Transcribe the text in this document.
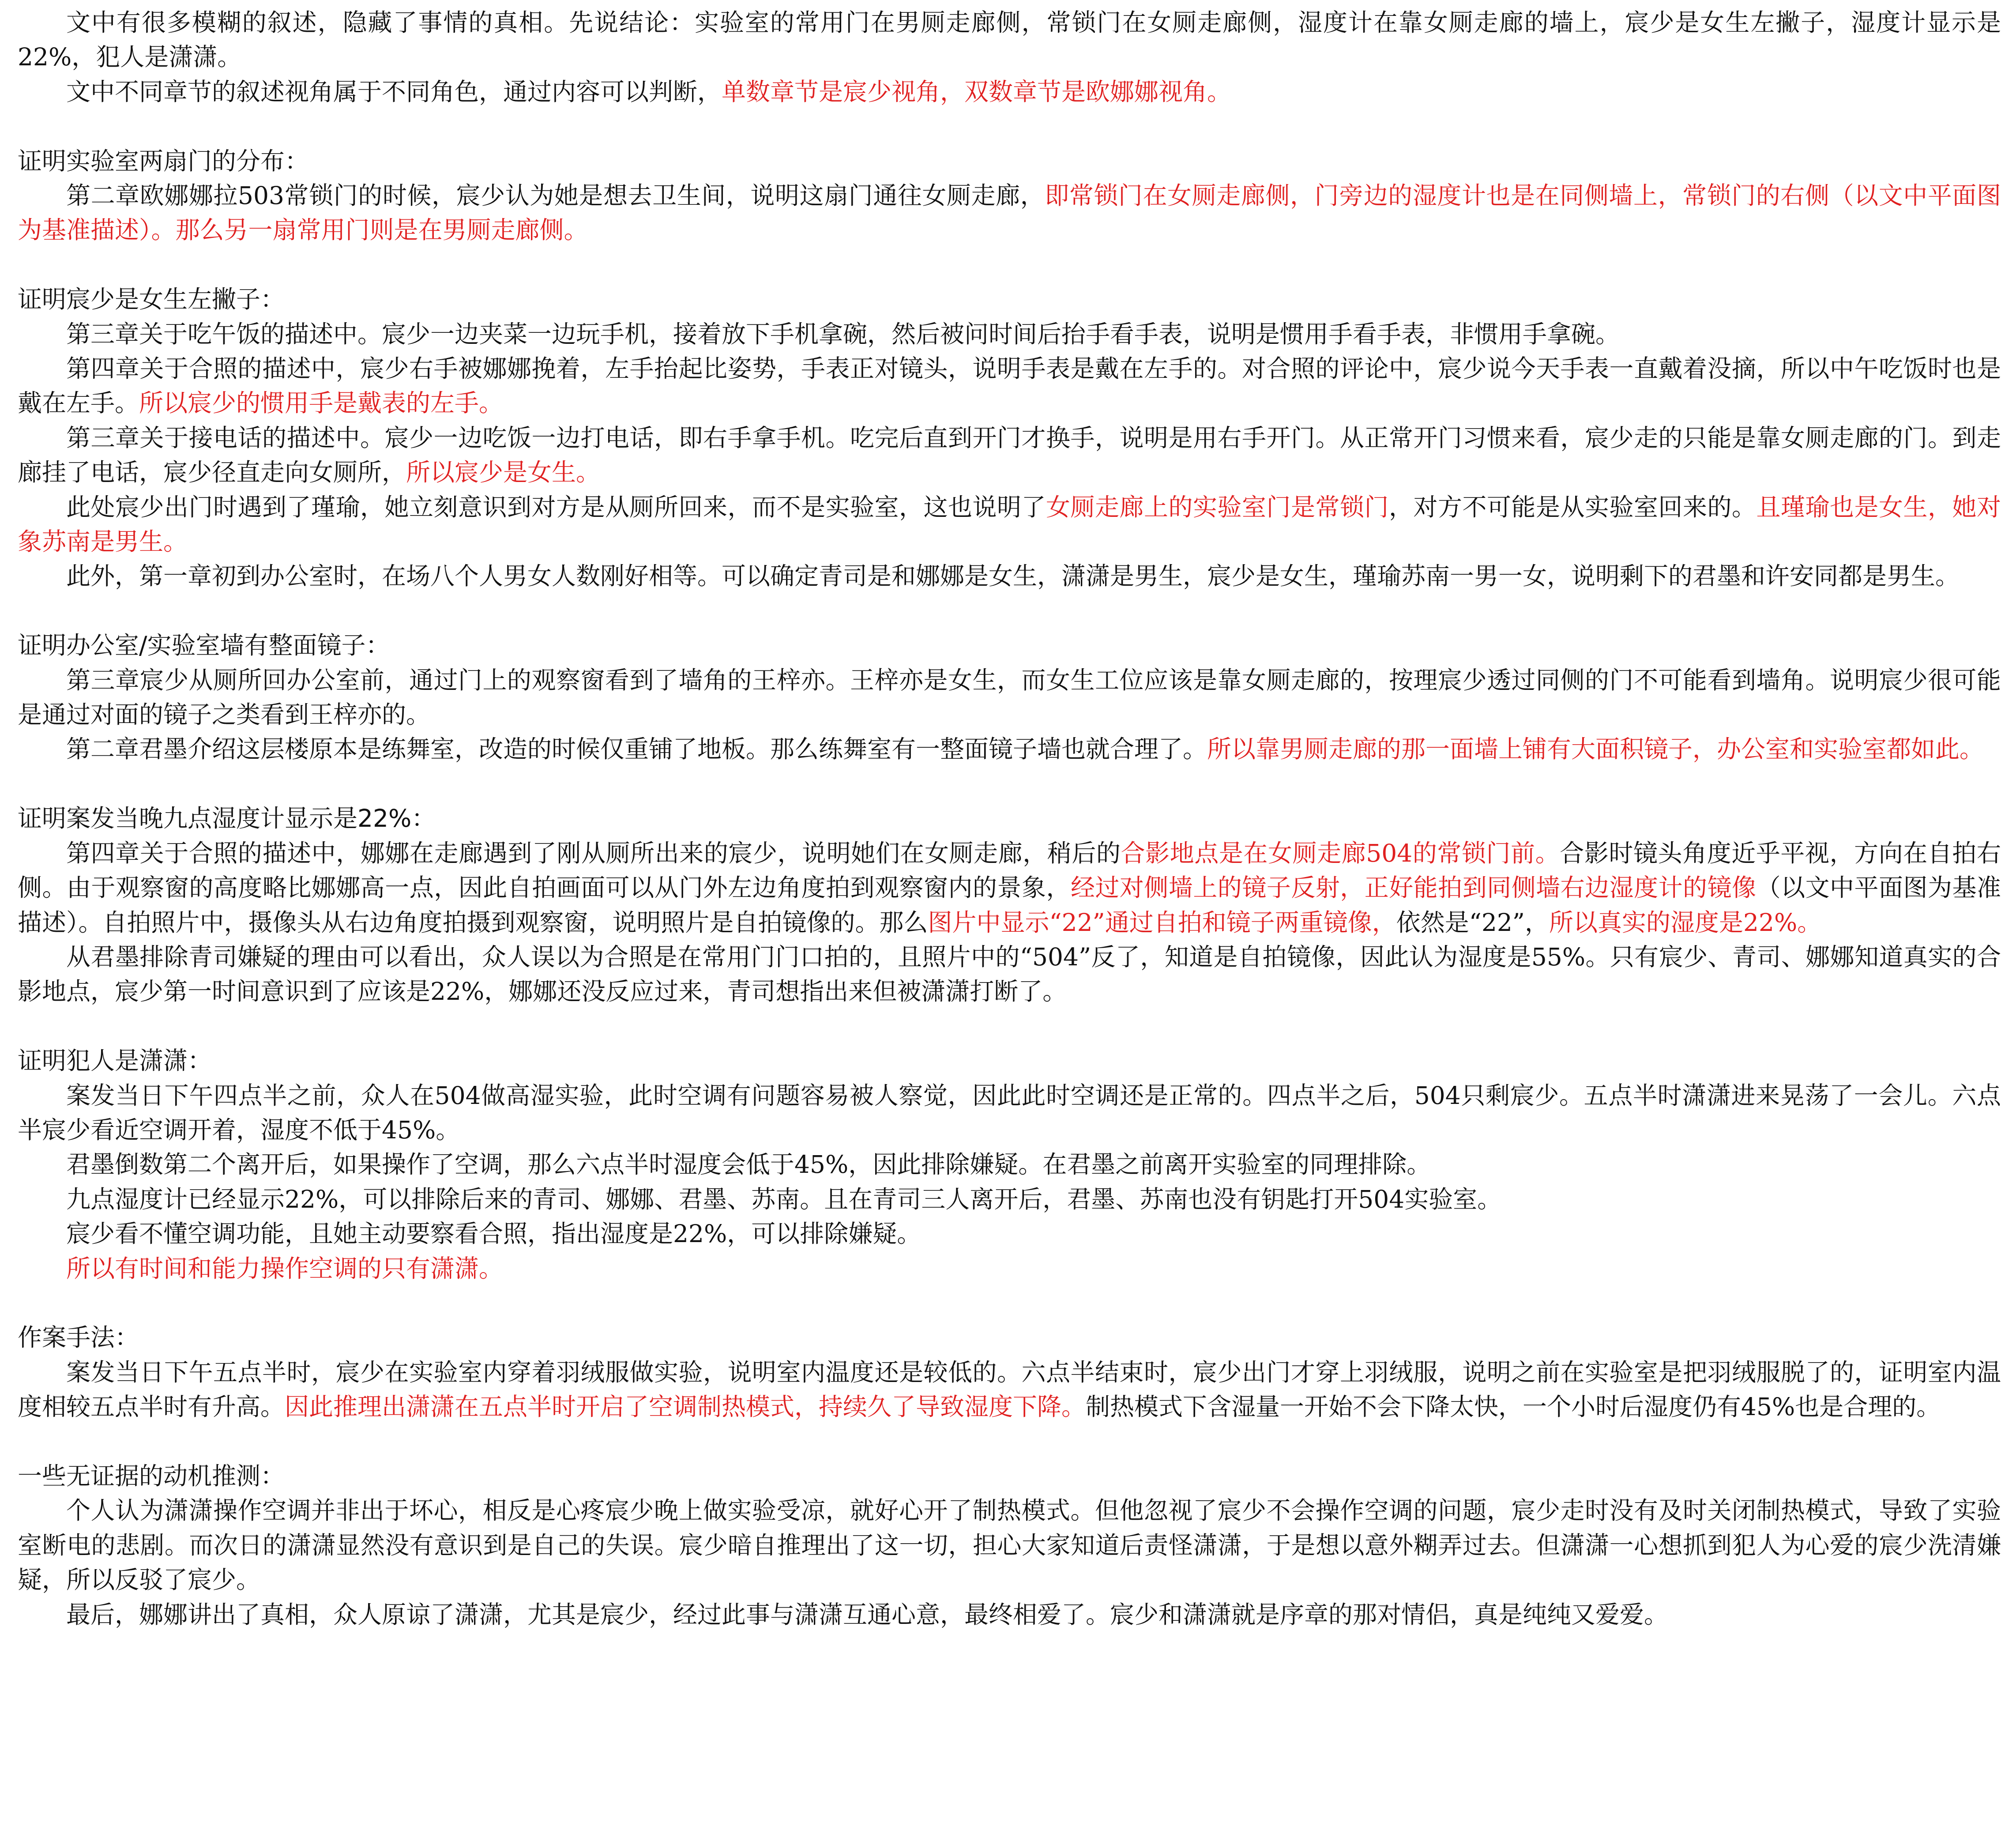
文中有很多模糊的叙述，隐藏了事情的真相。先说结论：实验室的常用门在男厕走廊侧，常锁门在女厕走廊侧，湿度计在靠女厕走廊的墙上，宸少是女生左撇子，湿度计显示是22%，犯人是潇潇。

文中不同章节的叙述视角属于不同角色，通过内容可以判断，单数章节是宸少视角，双数章节是欧娜娜视角。

证明实验室两扇门的分布：

第二章欧娜娜拉503常锁门的时候，宸少认为她是想去卫生间，说明这扇门通往女厕走廊，即常锁门在女厕走廊侧，门旁边的湿度计也是在同侧墙上，常锁门的右侧（以文中平面图为基准描述）。那么另一扇常用门则是在男厕走廊侧。

证明宸少是女生左撇子：

第三章关于吃午饭的描述中。宸少一边夹菜一边玩手机，接着放下手机拿碗，然后被问时间后抬手看手表，说明是惯用手看手表，非惯用手拿碗。

第四章关于合照的描述中，宸少右手被娜娜挽着，左手抬起比姿势，手表正对镜头，说明手表是戴在左手的。对合照的评论中，宸少说今天手表一直戴着没摘，所以中午吃饭时也是戴在左手。所以宸少的惯用手是戴表的左手。

第三章关于接电话的描述中。宸少一边吃饭一边打电话，即右手拿手机。吃完后直到开门才换手，说明是用右手开门。从正常开门习惯来看，宸少走的只能是靠女厕走廊的门。到走廊挂了电话，宸少径直走向女厕所，所以宸少是女生。

此处宸少出门时遇到了瑾瑜，她立刻意识到对方是从厕所回来，而不是实验室，这也说明了女厕走廊上的实验室门是常锁门，对方不可能是从实验室回来的。且瑾瑜也是女生，她对象苏南是男生。

此外，第一章初到办公室时，在场八个人男女人数刚好相等。可以确定青司是和娜娜是女生，潇潇是男生，宸少是女生，瑾瑜苏南一男一女，说明剩下的君墨和许安同都是男生。

证明办公室/实验室墙有整面镜子：

第三章宸少从厕所回办公室前，通过门上的观察窗看到了墙角的王梓亦。王梓亦是女生，而女生工位应该是靠女厕走廊的，按理宸少透过同侧的门不可能看到墙角。说明宸少很可能是通过对面的镜子之类看到王梓亦的。

第二章君墨介绍这层楼原本是练舞室，改造的时候仅重铺了地板。那么练舞室有一整面镜子墙也就合理了。所以靠男厕走廊的那一面墙上铺有大面积镜子，办公室和实验室都如此。

证明案发当晚九点湿度计显示是22%：

第四章关于合照的描述中，娜娜在走廊遇到了刚从厕所出来的宸少，说明她们在女厕走廊，稍后的合影地点是在女厕走廊504的常锁门前。合影时镜头角度近乎平视，方向在自拍右侧。由于观察窗的高度略比娜娜高一点，因此自拍画面可以从门外左边角度拍到观察窗内的景象，经过对侧墙上的镜子反射，正好能拍到同侧墙右边湿度计的镜像（以文中平面图为基准描述）。自拍照片中，摄像头从右边角度拍摄到观察窗，说明照片是自拍镜像的。那么图片中显示“22”通过自拍和镜子两重镜像，依然是“22”，所以真实的湿度是22%。

从君墨排除青司嫌疑的理由可以看出，众人误以为合照是在常用门门口拍的，且照片中的“504”反了，知道是自拍镜像，因此认为湿度是55%。只有宸少、青司、娜娜知道真实的合影地点，宸少第一时间意识到了应该是22%，娜娜还没反应过来，青司想指出来但被潇潇打断了。

证明犯人是潇潇：

案发当日下午四点半之前，众人在504做高湿实验，此时空调有问题容易被人察觉，因此此时空调还是正常的。四点半之后，504只剩宸少。五点半时潇潇进来晃荡了一会儿。六点半宸少看近空调开着，湿度不低于45%。

君墨倒数第二个离开后，如果操作了空调，那么六点半时湿度会低于45%，因此排除嫌疑。在君墨之前离开实验室的同理排除。

九点湿度计已经显示22%，可以排除后来的青司、娜娜、君墨、苏南。且在青司三人离开后，君墨、苏南也没有钥匙打开504实验室。

宸少看不懂空调功能，且她主动要察看合照，指出湿度是22%，可以排除嫌疑。

所以有时间和能力操作空调的只有潇潇。

作案手法：

案发当日下午五点半时，宸少在实验室内穿着羽绒服做实验，说明室内温度还是较低的。六点半结束时，宸少出门才穿上羽绒服，说明之前在实验室是把羽绒服脱了的，证明室内温度相较五点半时有升高。因此推理出潇潇在五点半时开启了空调制热模式，持续久了导致湿度下降。制热模式下含湿量一开始不会下降太快，一个小时后湿度仍有45%也是合理的。

一些无证据的动机推测：

个人认为潇潇操作空调并非出于坏心，相反是心疼宸少晚上做实验受凉，就好心开了制热模式。但他忽视了宸少不会操作空调的问题，宸少走时没有及时关闭制热模式，导致了实验室断电的悲剧。而次日的潇潇显然没有意识到是自己的失误。宸少暗自推理出了这一切，担心大家知道后责怪潇潇，于是想以意外糊弄过去。但潇潇一心想抓到犯人为心爱的宸少洗清嫌疑，所以反驳了宸少。

最后，娜娜讲出了真相，众人原谅了潇潇，尤其是宸少，经过此事与潇潇互通心意，最终相爱了。宸少和潇潇就是序章的那对情侣，真是纯纯又爱爱。
